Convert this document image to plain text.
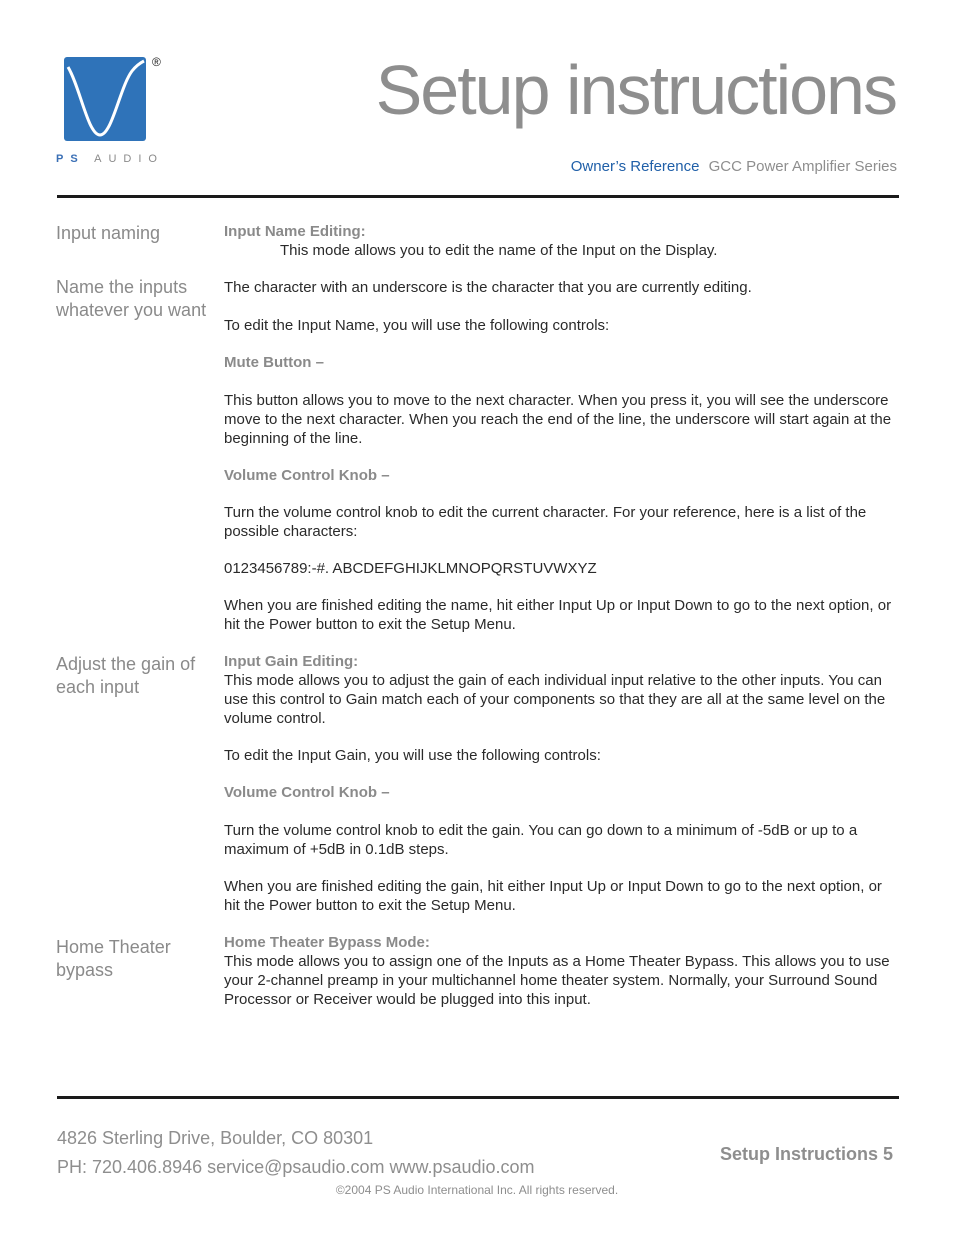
®
PS AUDIO
Setup instructions
Owner’s Reference GCC Power Amplifier Series
Input naming
Name the inputs whatever you want
Adjust the gain of each input
Home Theater bypass

Input Name Editing:

This mode allows you to edit the name of the Input on the Display.

The character with an underscore is the character that you are currently editing.
To edit the Input Name, you will use the following controls:
Mute Button –
This button allows you to move to the next character. When you press it, you will see the underscore move to the next character. When you reach the end of the line, the underscore will start again at the beginning of the line.
Volume Control Knob –
Turn the volume control knob to edit the current character. For your reference, here is a list of the possible characters:
0123456789:-#. ABCDEFGHIJKLMNOPQRSTUVWXYZ
When you are finished editing the name, hit either Input Up or Input Down to go to the next option, or hit the Power button to exit the Setup Menu.

Input Gain Editing:

This mode allows you to adjust the gain of each individual input relative to the other inputs. You can use this control to Gain match each of your components so that they are all at the same level on the volume control.

To edit the Input Gain, you will use the following controls:
Volume Control Knob –
Turn the volume control knob to edit the gain. You can go down to a minimum of -5dB or up to a maximum of +5dB in 0.1dB steps.
When you are finished editing the gain, hit either Input Up or Input Down to go to the next option, or hit the Power button to exit the Setup Menu.

Home Theater Bypass Mode:

This mode allows you to assign one of the Inputs as a Home Theater Bypass. This allows you to use your 2-channel preamp in your multichannel home theater system. Normally, your Surround Sound Processor or Receiver would be plugged into this input.

4826 Sterling Drive, Boulder, CO 80301
PH: 720.406.8946 service@psaudio.com www.psaudio.com
Setup Instructions 5
©2004 PS Audio International Inc. All rights reserved.
